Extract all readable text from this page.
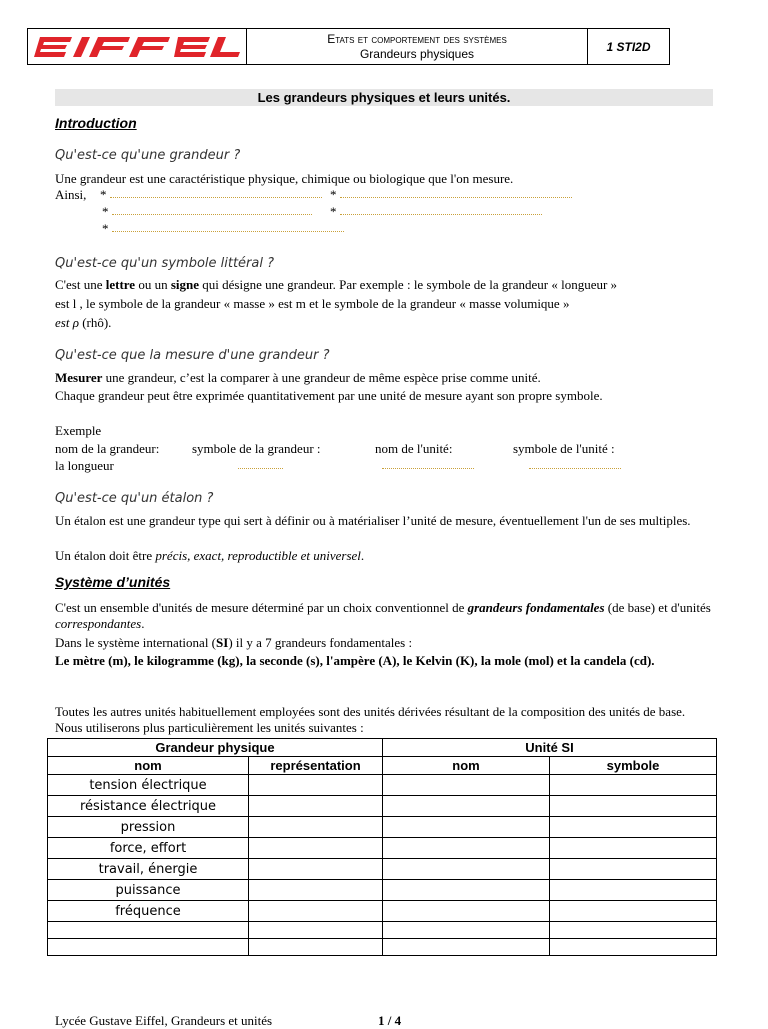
Etats et comportement des systèmes
Grandeurs physiques	1 STI2D
Les grandeurs physiques et leurs unités.
Introduction
Qu'est-ce qu'une grandeur ?
Une grandeur est une caractéristique physique, chimique ou biologique que l'on mesure.
Ainsi, *	*
*	*
*
Qu'est-ce qu'un symbole littéral ?
C'est une lettre ou un signe qui désigne une grandeur. Par exemple : le symbole de la grandeur « longueur »
est l , le symbole de la grandeur « masse » est m et le symbole de la grandeur « masse volumique »
est ρ (rhô).
Qu'est-ce que la mesure d'une grandeur ?
Mesurer une grandeur, c’est la comparer à une grandeur de même espèce prise comme unité.
Chaque grandeur peut être exprimée quantitativement par une unité de mesure ayant son propre symbole.
Exemple
nom de la grandeur:	symbole de la grandeur :	nom de l'unité:	symbole de l'unité :
la longueur
Qu'est-ce qu'un étalon ?
Un étalon est une grandeur type qui sert à définir ou à matérialiser l’unité de mesure, éventuellement l'un de ses multiples.
Un étalon doit être précis, exact, reproductible et universel.
Système d’unités
C'est un ensemble d'unités de mesure déterminé par un choix conventionnel de grandeurs fondamentales (de base) et d'unités correspondantes.
Dans le système international (SI) il y a 7 grandeurs fondamentales :
Le mètre (m), le kilogramme (kg), la seconde (s), l'ampère (A), le Kelvin (K), la mole (mol) et la candela (cd).
Toutes les autres unités habituellement employées sont des unités dérivées résultant de la composition des unités de base. Nous utiliserons plus particulièrement les unités suivantes :
Grandeur physique		Unité SI	
nom	représentation	nom	symbole
tension électrique			
résistance électrique			
pression			
force, effort			
travail, énergie			
puissance			
fréquence			

Lycée Gustave Eiffel, Grandeurs et unités	1 / 4
